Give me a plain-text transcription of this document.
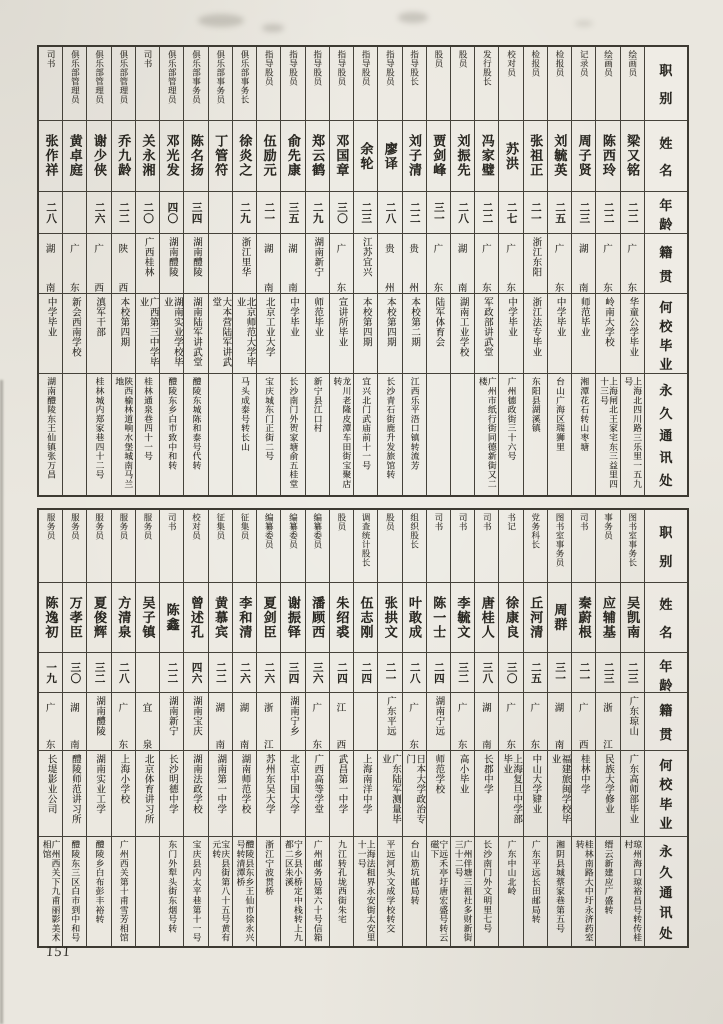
司书
张作祥
二八
湖
南
中学毕业
湖南醴陵东王仙镇张万昌
俱乐部管理员
黄卓庭
广
东
新会西南学校
俱乐部管理员
谢少侠
二六
广
西
滇军干部
桂林城内郑家巷四十二号
俱乐部管理员
乔九龄
二二
陕
西
本校第四期
陕西榆林道响水堡城南马兰地
司书
关永湘
二〇
广西桂林
广西第三中学毕业
桂林通泉巷四十一号
俱乐部管理员
邓光发
四〇
湖南醴陵
湖南实业学校毕业
醴陵东乡白市致中和转
俱乐部事务员
陈名扬
三四
湖南醴陵
湖南陆军讲武堂
醴陵东城陈和泰号代转
俱乐部事务员
丁管符
大本营陆军讲武堂
俱乐部事务长
徐炎之
二九
浙江里华
北京师范大学毕业
马头成泰号转长山
指导股员
伍励元
二一
湖
南
北京工业大学
宝庆城东门正街二号
指导股员
俞先康
三五
湖
南
中学毕业
长沙南门外贺家塘俞五桂堂
指导股员
郑云鹤
二九
湖南新宁
师范毕业
新宁县江口村
指导股员
邓国章
三〇
广
东
宣讲所毕业
龙川老隆皮潭车田街宝聚店转
指导股员
余轮
二三
江苏宜兴
本校第四期
宜兴北门武庙前十一号
指导股员
廖译
二八
贵
州
本校第四期
长沙青石街鹿升发旅馆转
指导股长
刘子清
二二
贵
州
本校第二期
江西乐平浯口镇转流芳
股员
贾剑峰
三一
广
东
陆军体育会
股员
刘振先
二八
湖
南
湖南工业学校
发行股长
冯家璧
二二
广
东
军政部讲武堂
广州市纸行街同德新街又二楼
校对员
苏洪
二七
广
东
中学毕业
广州德政街三十六号
检报员
张祖正
二一
浙江东阳
浙江法专毕业
东阳县湖溪镇
检报员
刘毓英
二五
广
东
中学毕业
台山广海区瑞狮里
记录员
周子贤
二三
湖
南
师范毕业
湘潭花石转山枣塘
绘画员
陈西玲
二二
广
东
岭南大学校
上海闸北王家宅东三益里四十三号
绘画员
梁又铭
二二
广
东
华童公学毕业
上海北四川路三乐里一五九号
职
别
姓
名
年
龄
籍
贯
何
校
毕
业
永
久
通
讯
处
服务员
陈逸初
一九
广
东
长堤影业公司
广州西关下九甫丽影美术相馆
服务员
万孝臣
三〇
湖
南
醴陵师范讲习所
醴陵东三区白市到中和号
服务员
夏俊辉
三二
湖南醴陵
湖南实业工学
醴陵乡白布彭丰裕转
服务员
方清泉
二八
广
东
上海小学校
广州西关第十甫雪芳相馆
服务员
吴子镇
宜
泉
北京体育讲习所
司书
陈鑫
二二
湖南新宁
长沙明德中学
东门外犁头街东烟号转
校对员
曾述孔
四六
湖南宝庆
湖南法政学校
宝庆县内太平巷第十一号
征集员
黄慕宾
二二
湖
南
湖南第一中学
宝庆县街第八十五号黄有元转
征集员
李和清
二六
湖
南
湖南师范学校
醴陵县东乡王仙市徐永兴号转清潭桥
编纂委员
夏剑臣
二六
浙
江
苏州东吴大学
浙江宁波贯桥
编纂委员
谢振铎
三四
湖南宁乡
北京中国大学
宁乡县小桥定中栈转上九都二区朱溪
编纂委员
潘顾西
三六
广
东
广西高等学堂
广州邮务局第六十号信箱
股员
朱绍裘
二四
江
西
武昌第一中学
九江转孔垅西街朱宅
调查统计股长
伍志刚
二四
上海南洋中学
上海法租界永安街太安里十一号
股员
张拱文
二一
广东平远
广东陆军测量毕业
平远河头文成学校转交
组织股长
叶敢成
二八
广
东
日本大学政治专门
台山筋坑邮局转
司书
陈一士
二四
湖南宁远
师范学校
宁远禾亭圩唐宏盛号转云磁下
司书
李毓文
三二
广
东
高小毕业
广州伴塘三祖社多财新街三十二号
司书
唐桂人
三八
湖
南
长郡中学
长沙南门外文明里七号
书记
徐康良
三〇
广
东
上海复旦中学部毕业
广东中山北岭
党务科长
丘河清
二五
广
东
中山大学肄业
广东平远长田邮局转
图书室事务员
周群
三一
湖
南
福建旅闽学校毕业
湘阴县城蔡家巷第五号
司书
秦蔚根
二一
广
西
桂林中学
桂林南路大中圩永济药室转
事务员
应辅基
二三
浙
江
民族大学修业
缙云新建应广盛转
图书室事务长
吴凯南
二三
广东琼山
广东高师部毕业
琼州海口琼裕昌号转传桂村
职
别
姓
名
年
龄
籍
贯
何
校
毕
业
永
久
通
讯
处
151
